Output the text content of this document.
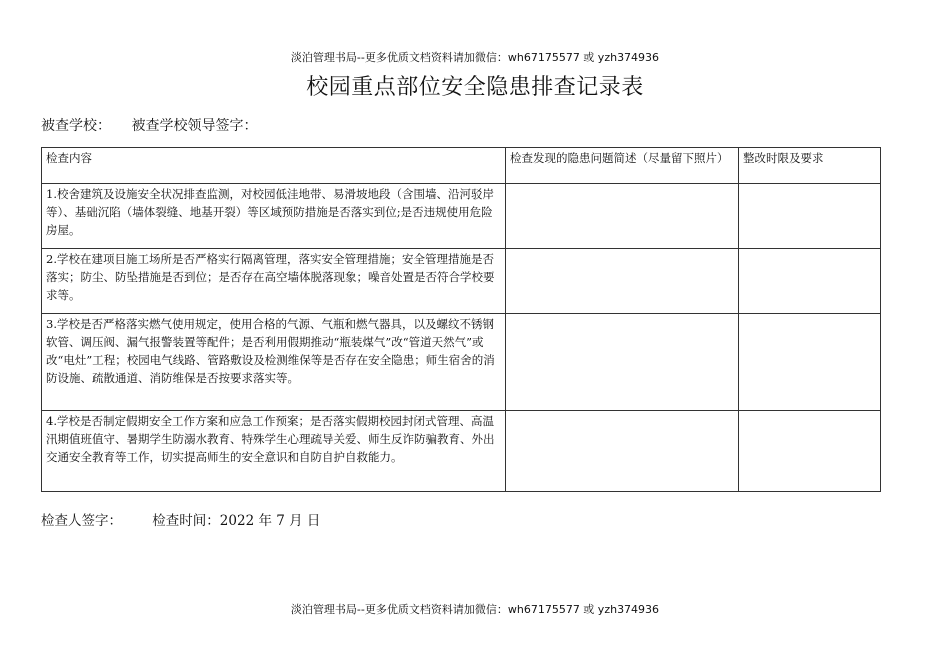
淡泊管理书局--更多优质文档资料请加微信：wh67175577 或 yzh374936
校园重点部位安全隐患排查记录表
被查学校： 被查学校领导签字：
检查内容	检查发现的隐患问题简述（尽量留下照片）	整改时限及要求
1.校舍建筑及设施安全状况排查监测，对校园低洼地带、易滑坡地段（含围墙、沿河驳岸等）、基础沉陷（墙体裂缝、地基开裂）等区域预防措施是否落实到位;是否违规使用危险房屋。		
2.学校在建项目施工场所是否严格实行隔离管理，落实安全管理措施；安全管理措施是否落实；防尘、防坠措施是否到位；是否存在高空墙体脱落现象；噪音处置是否符合学校要求等。		
3.学校是否严格落实燃气使用规定，使用合格的气源、气瓶和燃气器具，以及螺纹不锈钢软管、调压阀、漏气报警装置等配件；是否利用假期推动“瓶装煤气”改“管道天然气”或改“电灶”工程；校园电气线路、管路敷设及检测维保等是否存在安全隐患；师生宿舍的消防设施、疏散通道、消防维保是否按要求落实等。		
4.学校是否制定假期安全工作方案和应急工作预案；是否落实假期校园封闭式管理、高温汛期值班值守、暑期学生防溺水教育、特殊学生心理疏导关爱、师生反诈防骗教育、外出交通安全教育等工作，切实提高师生的安全意识和自防自护自救能力。		
检查人签字： 检查时间：2022 年 7 月 日
淡泊管理书局--更多优质文档资料请加微信：wh67175577 或 yzh374936
